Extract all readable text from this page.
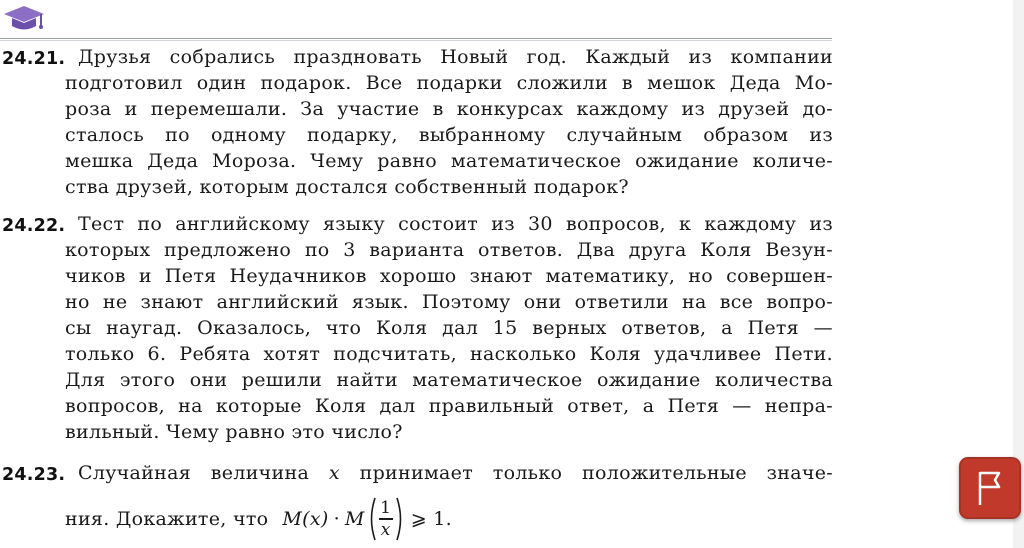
24.21. Друзья собрались праздновать Новый год. Каждый из компании
подготовил один подарок. Все подарки сложили в мешок Деда Мо-
роза и перемешали. За участие в конкурсах каждому из друзей до-
сталось по одному подарку, выбранному случайным образом из
мешка Деда Мороза. Чему равно математическое ожидание количе-
ства друзей, которым достался собственный подарок?
24.22. Тест по английскому языку состоит из 30 вопросов, к каждому из
которых предложено по 3 варианта ответов. Два друга Коля Везун-
чиков и Петя Неудачников хорошо знают математику, но совершен-
но не знают английский язык. Поэтому они ответили на все вопро-
сы наугад. Оказалось, что Коля дал 15 верных ответов, а Петя —
только 6. Ребята хотят подсчитать, насколько Коля удачливее Пети.
Для этого они решили найти математическое ожидание количества
вопросов, на которые Коля дал правильный ответ, а Петя — непра-
вильный. Чему равно это число?
24.23. Случайная величина x принимает только положительные значе-
ния. Докажите, что M(x) · M $\frac{1}{x}$ ⩾ 1.
